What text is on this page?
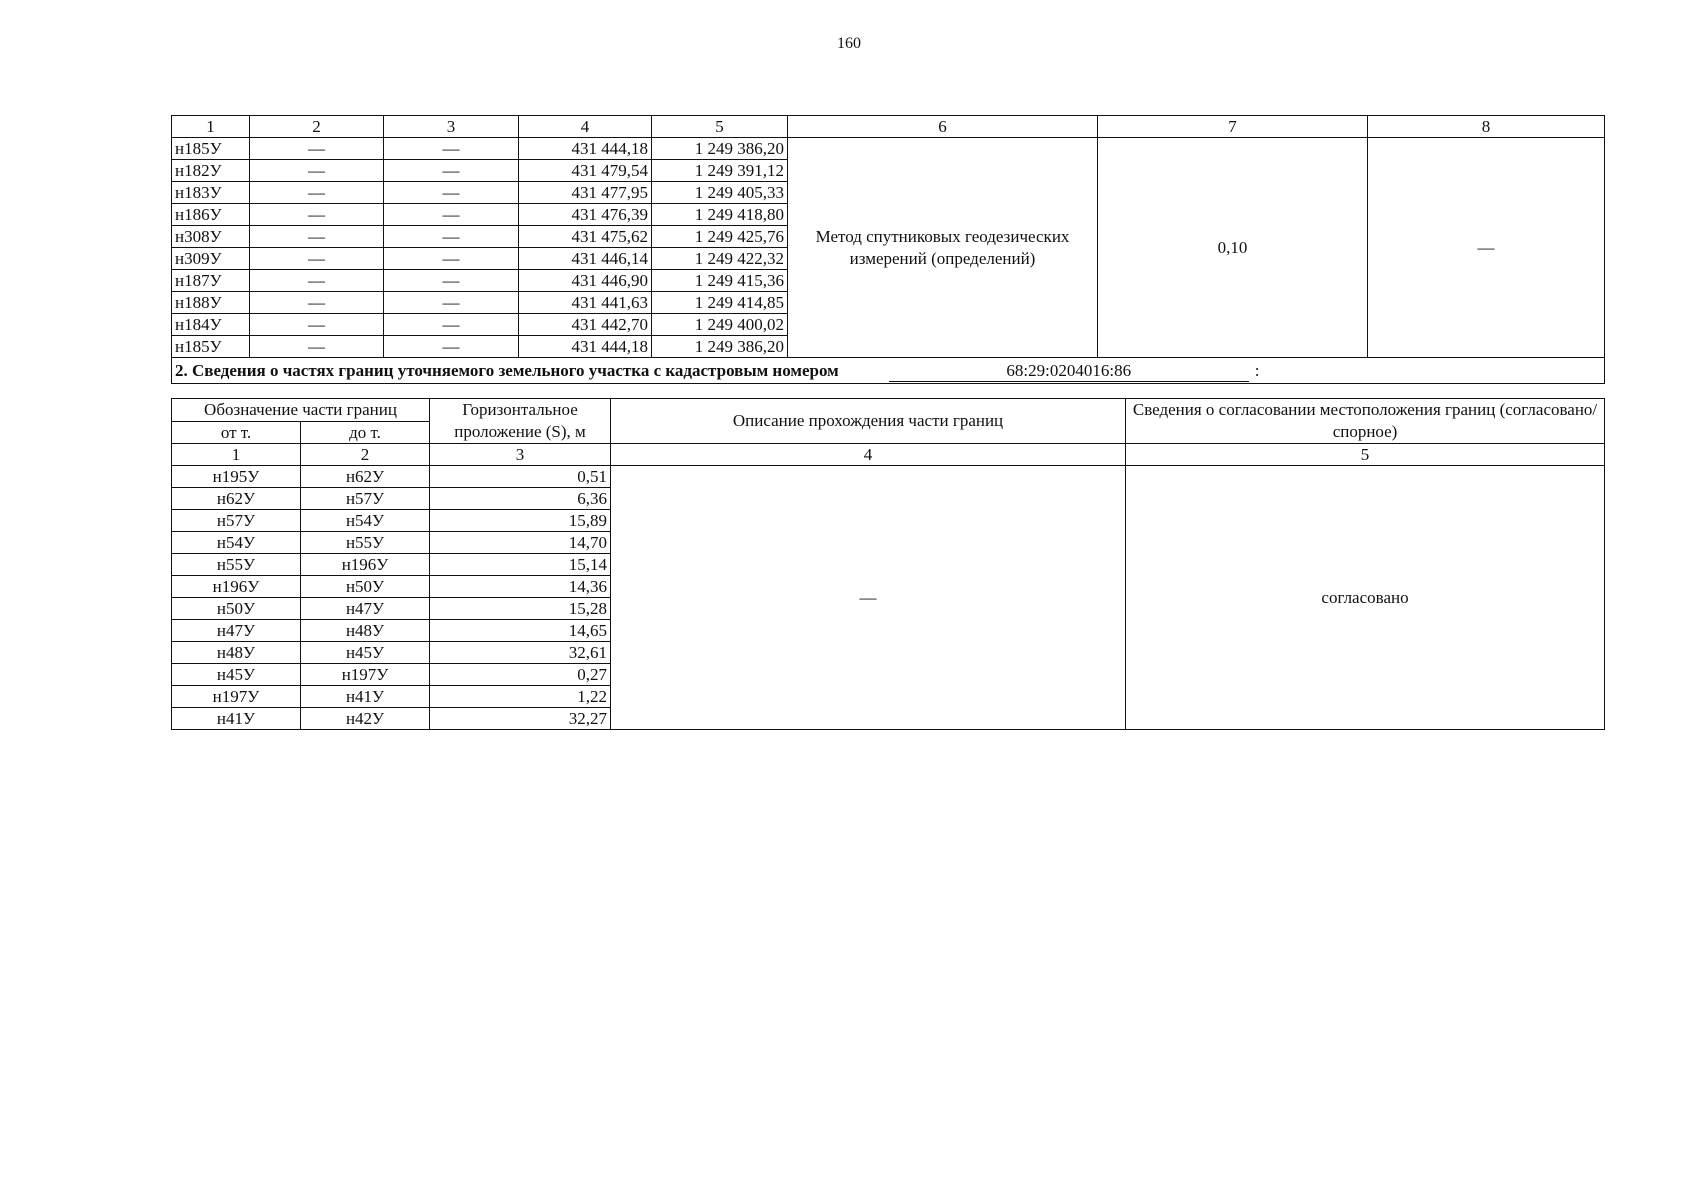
160
1	2	3	4	5	6	7	8
н185У	—	—	431 444,18	1 249 386,20	Метод спутниковых геодезических измерений (определений)	0,10	—
н182У	—	—	431 479,54	1 249 391,12			
н183У	—	—	431 477,95	1 249 405,33			
н186У	—	—	431 476,39	1 249 418,80			
н308У	—	—	431 475,62	1 249 425,76			
н309У	—	—	431 446,14	1 249 422,32			
н187У	—	—	431 446,90	1 249 415,36			
н188У	—	—	431 441,63	1 249 414,85			
н184У	—	—	431 442,70	1 249 400,02			
н185У	—	—	431 444,18	1 249 386,20			
2. Сведения о частях границ уточняемого земельного участка с кадастровым номером 68:29:0204016:86 :							
Обозначение части границ		Горизонтальное проложение (S), м	Описание прохождения части границ	Сведения о согласовании местоположения границ (согласовано/спорное)
от т.	до т.			
1	2	3	4	5
н195У	н62У	0,51	—	согласовано
н62У	н57У	6,36		
н57У	н54У	15,89		
н54У	н55У	14,70		
н55У	н196У	15,14		
н196У	н50У	14,36		
н50У	н47У	15,28		
н47У	н48У	14,65		
н48У	н45У	32,61		
н45У	н197У	0,27		
н197У	н41У	1,22		
н41У	н42У	32,27		
